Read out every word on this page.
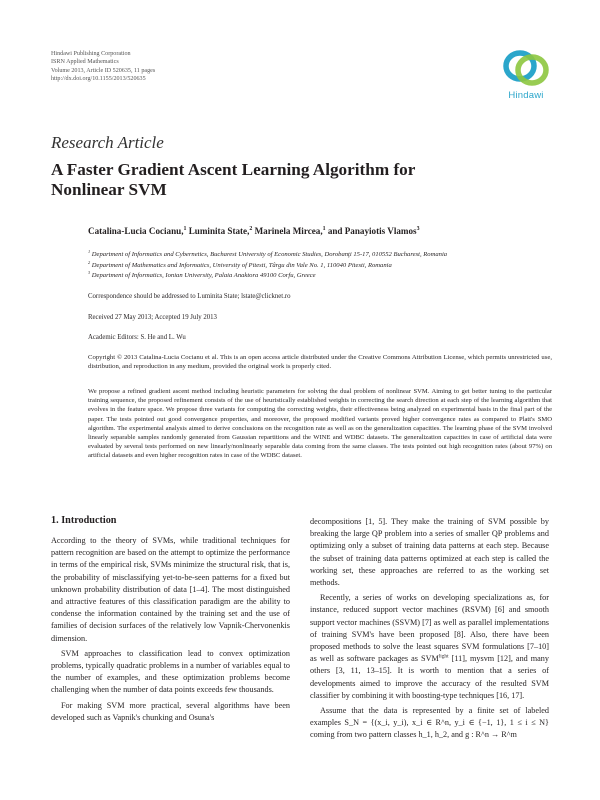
Hindawi Publishing Corporation
ISRN Applied Mathematics
Volume 2013, Article ID 520635, 11 pages
http://dx.doi.org/10.1155/2013/520635
Hindawi
Research Article
A Faster Gradient Ascent Learning Algorithm for
Nonlinear SVM
Catalina-Lucia Cocianu,$^1$ Luminita State,$^2$ Marinela Mircea,$^1$ and Panayiotis Vlamos$^3$
$^1$ Department of Informatics and Cybernetics, Bucharest University of Economic Studies, Dorobanţi 15-17, 010552 Bucharest, Romania
$^2$ Department of Mathematics and Informatics, University of Pitesti, Târgu din Vale No. 1, 110040 Pitesti, Romania
$^3$ Department of Informatics, Ionian University, Palaia Anaktora 49100 Corfu, Greece
Correspondence should be addressed to Luminita State; lstate@clicknet.ro
Received 27 May 2013; Accepted 19 July 2013
Academic Editors: S. He and L. Wu
Copyright © 2013 Catalina-Lucia Cocianu et al. This is an open access article distributed under the Creative Commons Attribution License, which permits unrestricted use, distribution, and reproduction in any medium, provided the original work is properly cited.
We propose a refined gradient ascent method including heuristic parameters for solving the dual problem of nonlinear SVM. Aiming to get better tuning to the particular training sequence, the proposed refinement consists of the use of heuristically established weights in correcting the search direction at each step of the learning algorithm that evolves in the feature space. We propose three variants for computing the correcting weights, their effectiveness being analyzed on experimental basis in the final part of the paper. The tests pointed out good convergence properties, and moreover, the proposed modified variants proved higher convergence rates as compared to Platt's SMO algorithm. The experimental analysis aimed to derive conclusions on the recognition rate as well as on the generalization capacities. The learning phase of the SVM involved linearly separable samples randomly generated from Gaussian repartitions and the WINE and WDBC datasets. The generalization capacities in case of artificial data were evaluated by several tests performed on new linearly/nonlinearly separable data coming from the same classes. The tests pointed out high recognition rates (about 97%) on artificial datasets and even higher recognition rates in case of the WDBC dataset.
1. Introduction

According to the theory of SVMs, while traditional techniques for pattern recognition are based on the attempt to optimize the performance in terms of the empirical risk, SVMs minimize the structural risk, that is, the probability of misclassifying yet-to-be-seen patterns for a fixed but unknown probability distribution of data [1–4]. The most distinguished and attractive features of this classification paradigm are the ability to condense the information contained by the training set and the use of families of decision surfaces of the relatively low Vapnik-Chervonenkis dimension.

SVM approaches to classification lead to convex optimization problems, typically quadratic problems in a number of variables equal to the number of examples, and these optimization problems become challenging when the number of data points exceeds few thousands.

For making SVM more practical, several algorithms have been developed such as Vapnik's chunking and Osuna's

decompositions [1, 5]. They make the training of SVM possible by breaking the large QP problem into a series of smaller QP problems and optimizing only a subset of training data patterns at each step. Because the subset of training data patterns optimized at each step is called the working set, these approaches are referred to as the working set methods.

Recently, a series of works on developing specializations as, for instance, reduced support vector machines (RSVM) [6] and smooth support vector machines (SSVM) [7] as well as parallel implementations of training SVM's have been proposed [8]. Also, there have been proposed methods to solve the least squares SVM formulations [7–10] as well as software packages as $SVM^{light}$ [11], mysvm [12], and many others [3, 11, 13–15]. It is worth to mention that a series of developments aimed to improve the accuracy of the resulted SVM classifier by combining it with boosting-type techniques [16, 17].

Assume that the data is represented by a finite set of labeled examples S_N = {(x_i, y_i), x_i ∈ R^n, y_i ∈ {−1, 1}, 1 ≤ i ≤ N} coming from two pattern classes h_1, h_2, and g : R^n → R^m
